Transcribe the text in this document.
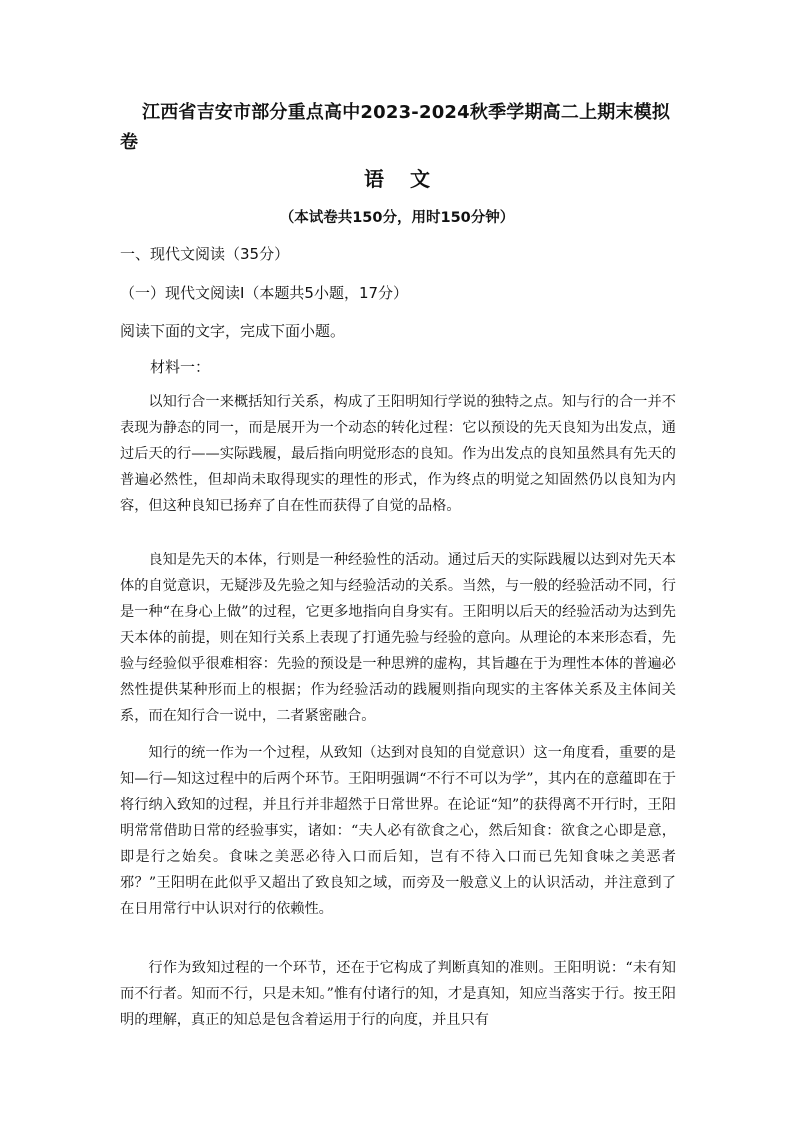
江西省吉安市部分重点高中2023-2024秋季学期高二上期末模拟卷
语文
（本试卷共150分，用时150分钟）
一、现代文阅读（35分）
（一）现代文阅读Ⅰ（本题共5小题，17分）
阅读下面的文字，完成下面小题。
材料一：

以知行合一来概括知行关系，构成了王阳明知行学说的独特之点。知与行的合一并不表现为静态的同一，而是展开为一个动态的转化过程：它以预设的先天良知为出发点，通过后天的行——实际践履，最后指向明觉形态的良知。作为出发点的良知虽然具有先天的普遍必然性，但却尚未取得现实的理性的形式，作为终点的明觉之知固然仍以良知为内容，但这种良知已扬弃了自在性而获得了自觉的品格。

良知是先天的本体，行则是一种经验性的活动。通过后天的实际践履以达到对先天本体的自觉意识，无疑涉及先验之知与经验活动的关系。当然，与一般的经验活动不同，行是一种“在身心上做”的过程，它更多地指向自身实有。王阳明以后天的经验活动为达到先天本体的前提，则在知行关系上表现了打通先验与经验的意向。从理论的本来形态看，先验与经验似乎很难相容：先验的预设是一种思辨的虚构，其旨趣在于为理性本体的普遍必然性提供某种形而上的根据；作为经验活动的践履则指向现实的主客体关系及主体间关系，而在知行合一说中，二者紧密融合。

知行的统一作为一个过程，从致知（达到对良知的自觉意识）这一角度看，重要的是知—行—知这过程中的后两个环节。王阳明强调“不行不可以为学”，其内在的意蕴即在于将行纳入致知的过程，并且行并非超然于日常世界。在论证“知”的获得离不开行时，王阳明常常借助日常的经验事实，诸如：“夫人必有欲食之心，然后知食：欲食之心即是意，即是行之始矣。食味之美恶必待入口而后知，岂有不待入口而已先知食味之美恶者邪？”王阳明在此似乎又超出了致良知之域，而旁及一般意义上的认识活动，并注意到了在日用常行中认识对行的依赖性。

行作为致知过程的一个环节，还在于它构成了判断真知的准则。王阳明说：“未有知而不行者。知而不行，只是未知。”惟有付诸行的知，才是真知，知应当落实于行。按王阳明的理解，真正的知总是包含着运用于行的向度，并且只有
